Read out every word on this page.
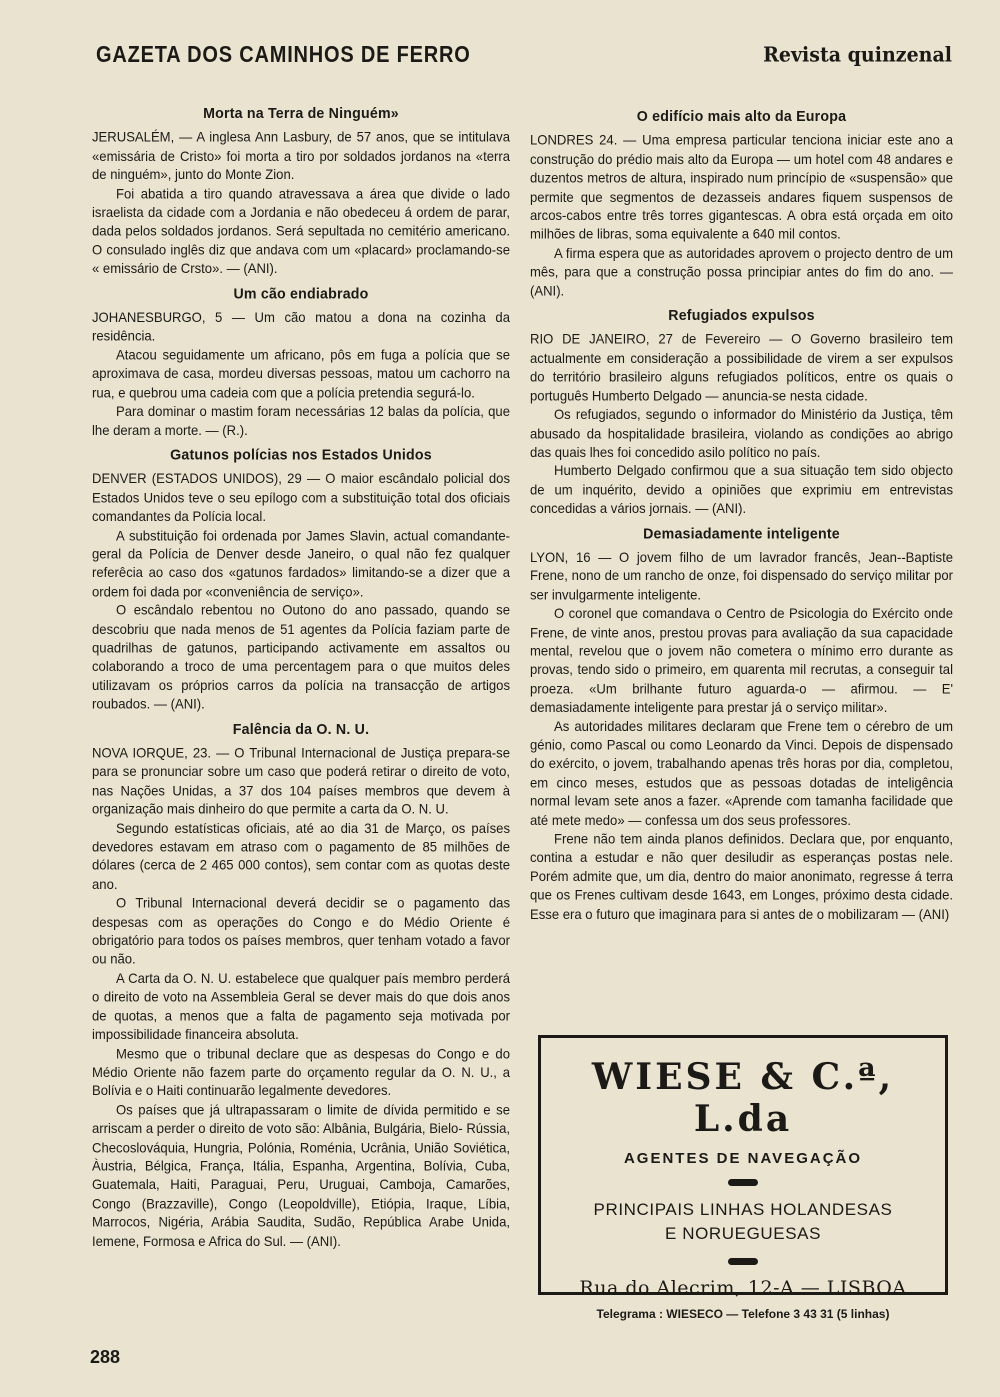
GAZETA DOS CAMINHOS DE FERRO	Revista quinzenal
Morta na Terra de Ninguém»

JERUSALÉM, — A inglesa Ann Lasbury, de 57 anos, que se intitulava «emissária de Cristo» foi morta a tiro por soldados jordanos na «terra de ninguém», junto do Monte Zion.

Foi abatida a tiro quando atravessava a área que divide o lado israelista da cidade com a Jordania e não obedeceu á ordem de parar, dada pelos soldados jordanos. Será sepultada no cemitério americano. O consulado inglês diz que andava com um «placard» proclamando-se « emissário de Crsto». — (ANI).

Um cão endiabrado

JOHANESBURGO, 5 — Um cão matou a dona na cozinha da residência.

Atacou seguidamente um africano, pôs em fuga a polícia que se aproximava de casa, mordeu diversas pessoas, matou um cachorro na rua, e quebrou uma cadeia com que a polícia pretendia segurá-lo.

Para dominar o mastim foram necessárias 12 balas da polícia, que lhe deram a morte. — (R.).

Gatunos polícias nos Estados Unidos

DENVER (ESTADOS UNIDOS), 29 — O maior escândalo policial dos Estados Unidos teve o seu epílogo com a substituição total dos oficiais comandantes da Polícia local.

A substituição foi ordenada por James Slavin, actual comandante-geral da Polícia de Denver desde Janeiro, o qual não fez qualquer referêcia ao caso dos «gatunos fardados» limitando-se a dizer que a ordem foi dada por «conveniência de serviço».

O escândalo rebentou no Outono do ano passado, quando se descobriu que nada menos de 51 agentes da Polícia faziam parte de quadrilhas de gatunos, participando activamente em assaltos ou colaborando a troco de uma percentagem para o que muitos deles utilizavam os próprios carros da polícia na transacção de artigos roubados. — (ANI).

Falência da O. N. U.

NOVA IORQUE, 23. — O Tribunal Internacional de Justiça prepara-se para se pronunciar sobre um caso que poderá retirar o direito de voto, nas Nações Unidas, a 37 dos 104 países membros que devem à organização mais dinheiro do que permite a carta da O. N. U.

Segundo estatísticas oficiais, até ao dia 31 de Março, os países devedores estavam em atraso com o pagamento de 85 milhões de dólares (cerca de 2 465 000 contos), sem contar com as quotas deste ano.

O Tribunal Internacional deverá decidir se o pagamento das despesas com as operações do Congo e do Médio Oriente é obrigatório para todos os países membros, quer tenham votado a favor ou não.

A Carta da O. N. U. estabelece que qualquer país membro perderá o direito de voto na Assembleia Geral se dever mais do que dois anos de quotas, a menos que a falta de pagamento seja motivada por impossibilidade financeira absoluta.

Mesmo que o tribunal declare que as despesas do Congo e do Médio Oriente não fazem parte do orçamento regular da O. N. U., a Bolívia e o Haiti continuarão legalmente devedores.

Os países que já ultrapassaram o limite de dívida permitido e se arriscam a perder o direito de voto são: Albânia, Bulgária, Bielo- Rússia, Checoslováquia, Hungria, Polónia, Roménia, Ucrânia, União Soviética, Àustria, Bélgica, França, Itália, Espanha, Argentina, Bolívia, Cuba, Guatemala, Haiti, Paraguai, Peru, Uruguai, Camboja, Camarões, Congo (Brazzaville), Congo (Leopoldville), Etiópia, Iraque, Líbia, Marrocos, Nigéria, Arábia Saudita, Sudão, República Arabe Unida, Iemene, Formosa e Africa do Sul. — (ANI).

O edifício mais alto da Europa

LONDRES 24. — Uma empresa particular tenciona iniciar este ano a construção do prédio mais alto da Europa — um hotel com 48 andares e duzentos metros de altura, inspirado num princípio de «suspensão» que permite que segmentos de dezasseis andares fiquem suspensos de arcos-cabos entre três torres gigantescas. A obra está orçada em oito milhões de libras, soma equivalente a 640 mil contos.

A firma espera que as autoridades aprovem o projecto dentro de um mês, para que a construção possa principiar antes do fim do ano. — (ANI).

Refugiados expulsos

RIO DE JANEIRO, 27 de Fevereiro — O Governo brasileiro tem actualmente em consideração a possibilidade de virem a ser expulsos do território brasileiro alguns refugiados políticos, entre os quais o português Humberto Delgado — anuncia-se nesta cidade.

Os refugiados, segundo o informador do Ministério da Justiça, têm abusado da hospitalidade brasileira, violando as condições ao abrigo das quais lhes foi concedido asilo político no país.

Humberto Delgado confirmou que a sua situação tem sido objecto de um inquérito, devido a opiniões que exprimiu em entrevistas concedidas a vários jornais. — (ANI).

Demasiadamente inteligente

LYON, 16 — O jovem filho de um lavrador francês, Jean--Baptiste Frene, nono de um rancho de onze, foi dispensado do serviço militar por ser invulgarmente inteligente.

O coronel que comandava o Centro de Psicologia do Exército onde Frene, de vinte anos, prestou provas para avaliação da sua capacidade mental, revelou que o jovem não cometera o mínimo erro durante as provas, tendo sido o primeiro, em quarenta mil recrutas, a conseguir tal proeza. «Um brilhante futuro aguarda-o — afirmou. — E' demasiadamente inteligente para prestar já o serviço militar».

As autoridades militares declaram que Frene tem o cérebro de um génio, como Pascal ou como Leonardo da Vinci. Depois de dispensado do exército, o jovem, trabalhando apenas três horas por dia, completou, em cinco meses, estudos que as pessoas dotadas de inteligência normal levam sete anos a fazer. «Aprende com tamanha facilidade que até mete medo» — confessa um dos seus professores.

Frene não tem ainda planos definidos. Declara que, por enquanto, contina a estudar e não quer desiludir as esperanças postas nele. Porém admite que, um dia, dentro do maior anonimato, regresse á terra que os Frenes cultivam desde 1643, em Longes, próximo desta cidade. Esse era o futuro que imaginara para si antes de o mobilizaram — (ANI)

WIESE & C.ª, L.da
AGENTES DE NAVEGAÇÃO
PRINCIPAIS LINHAS HOLANDESAS
E NORUEGUESAS
Rua do Alecrim, 12-A — LISBOA
Telegrama : WIESECO — Telefone 3 43 31 (5 linhas)
288
